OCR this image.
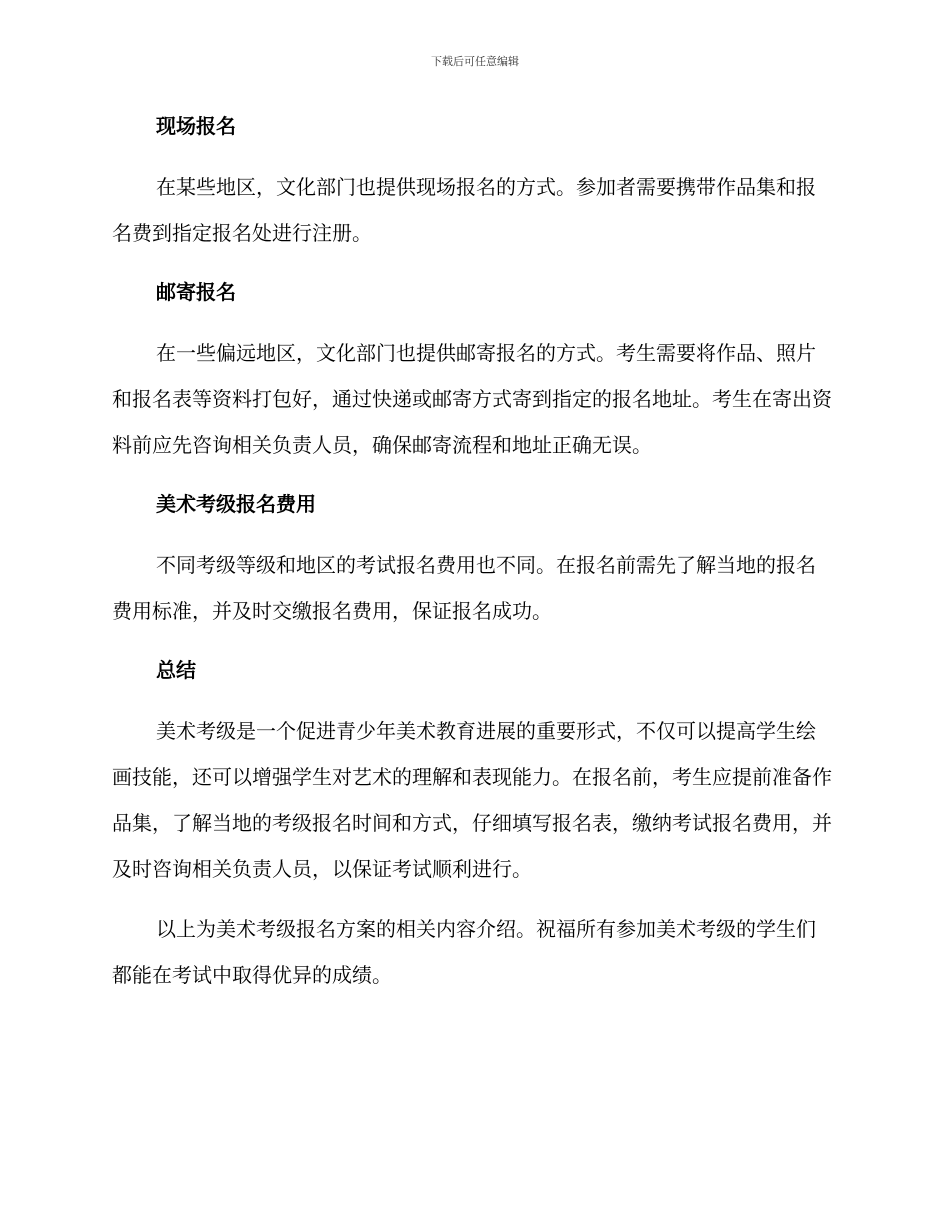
下载后可任意编辑
现场报名

在某些地区，文化部门也提供现场报名的方式。参加者需要携带作品集和报名费到指定报名处进行注册。

邮寄报名

在一些偏远地区，文化部门也提供邮寄报名的方式。考生需要将作品、照片和报名表等资料打包好，通过快递或邮寄方式寄到指定的报名地址。考生在寄出资料前应先咨询相关负责人员，确保邮寄流程和地址正确无误。

美术考级报名费用

不同考级等级和地区的考试报名费用也不同。在报名前需先了解当地的报名费用标准，并及时交缴报名费用，保证报名成功。

总结

美术考级是一个促进青少年美术教育进展的重要形式，不仅可以提高学生绘画技能，还可以增强学生对艺术的理解和表现能力。在报名前，考生应提前准备作品集，了解当地的考级报名时间和方式，仔细填写报名表，缴纳考试报名费用，并及时咨询相关负责人员，以保证考试顺利进行。

以上为美术考级报名方案的相关内容介绍。祝福所有参加美术考级的学生们都能在考试中取得优异的成绩。
